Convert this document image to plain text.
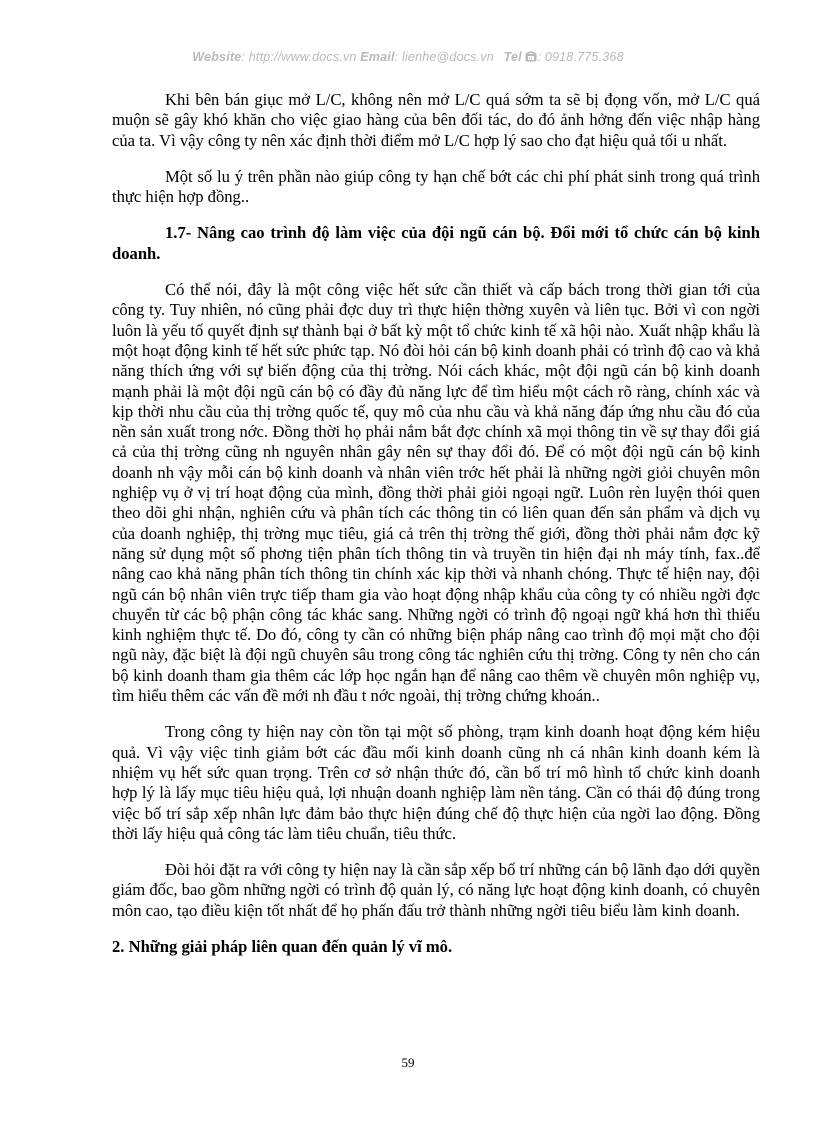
Website: http://www.docs.vn Email: lienhe@docs.vn Tel : 0918.775.368

Khi bên bán giục mở L/C, không nên mở L/C quá sớm ta sẽ bị đọng vốn, mở L/C quá muộn sẽ gây khó khăn cho việc giao hàng của bên đối tác, do đó ảnh hởng đến việc nhập hàng của ta. Vì vậy công ty nên xác định thời điểm mở L/C hợp lý sao cho đạt hiệu quả tối u nhất.

Một số lu ý trên phần nào giúp công ty hạn chế bớt các chi phí phát sinh trong quá trình thực hiện hợp đồng..

1.7- Nâng cao trình độ làm việc của đội ngũ cán bộ. Đổi mới tổ chức cán bộ kinh doanh.

Có thể nói, đây là một công việc hết sức cần thiết và cấp bách trong thời gian tới của công ty. Tuy nhiên, nó cũng phải đợc duy trì thực hiện thờng xuyên và liên tục. Bởi vì con ngời luôn là yếu tố quyết định sự thành bại ở bất kỳ một tổ chức kinh tế xã hội nào. Xuất nhập khẩu là một hoạt động kinh tế hết sức phức tạp. Nó đòi hỏi cán bộ kinh doanh phải có trình độ cao và khả năng thích ứng với sự biến động của thị trờng. Nói cách khác, một đội ngũ cán bộ kinh doanh mạnh phải là một đội ngũ cán bộ có đầy đủ năng lực để tìm hiểu một cách rõ ràng, chính xác và kịp thời nhu cầu của thị trờng quốc tế, quy mô của nhu cầu và khả năng đáp ứng nhu cầu đó của nền sản xuất trong nớc. Đồng thời họ phải nắm bắt đợc chính xã mọi thông tin về sự thay đổi giá cả của thị trờng cũng nh nguyên nhân gây nên sự thay đổi đó. Để có một đội ngũ cán bộ kinh doanh nh vậy mỗi cán bộ kinh doanh và nhân viên trớc hết phải là những ngời giỏi chuyên môn nghiệp vụ ở vị trí hoạt động của mình, đồng thời phải giỏi ngoại ngữ. Luôn rèn luyện thói quen theo dõi ghi nhận, nghiên cứu và phân tích các thông tin có liên quan đến sản phẩm và dịch vụ của doanh nghiệp, thị trờng mục tiêu, giá cả trên thị trờng thế giới, đồng thời phải nắm đợc kỹ năng sử dụng một số phơng tiện phân tích thông tin và truyền tin hiện đại nh máy tính, fax..để nâng cao khả năng phân tích thông tin chính xác kịp thời và nhanh chóng. Thực tế hiện nay, đội ngũ cán bộ nhân viên trực tiếp tham gia vào hoạt động nhập khẩu của công ty có nhiều ngời đợc chuyển từ các bộ phận công tác khác sang. Những ngời có trình độ ngoại ngữ khá hơn thì thiếu kinh nghiệm thực tế. Do đó, công ty cần có những biện pháp nâng cao trình độ mọi mặt cho đội ngũ này, đặc biệt là đội ngũ chuyên sâu trong công tác nghiên cứu thị trờng. Công ty nên cho cán bộ kinh doanh tham gia thêm các lớp học ngắn hạn để nâng cao thêm về chuyên môn nghiệp vụ, tìm hiểu thêm các vấn đề mới nh đầu t nớc ngoài, thị trờng chứng khoán..

Trong công ty hiện nay còn tồn tại một số phòng, trạm kinh doanh hoạt động kém hiệu quả. Vì vậy việc tinh giảm bớt các đầu mối kinh doanh cũng nh cá nhân kinh doanh kém là nhiệm vụ hết sức quan trọng. Trên cơ sở nhận thức đó, cần bố trí mô hình tổ chức kinh doanh hợp lý là lấy mục tiêu hiệu quả, lợi nhuận doanh nghiệp làm nền tảng. Cần có thái độ đúng trong việc bố trí sắp xếp nhân lực đảm bảo thực hiện đúng chế độ thực hiện của ngời lao động. Đồng thời lấy hiệu quả công tác làm tiêu chuẩn, tiêu thức.

Đòi hỏi đặt ra với công ty hiện nay là cần sắp xếp bố trí những cán bộ lãnh đạo dới quyền giám đốc, bao gồm những ngời có trình độ quản lý, có năng lực hoạt động kinh doanh, có chuyên môn cao, tạo điều kiện tốt nhất để họ phấn đấu trở thành những ngời tiêu biểu làm kinh doanh.

2. Những giải pháp liên quan đến quản lý vĩ mô.
59
